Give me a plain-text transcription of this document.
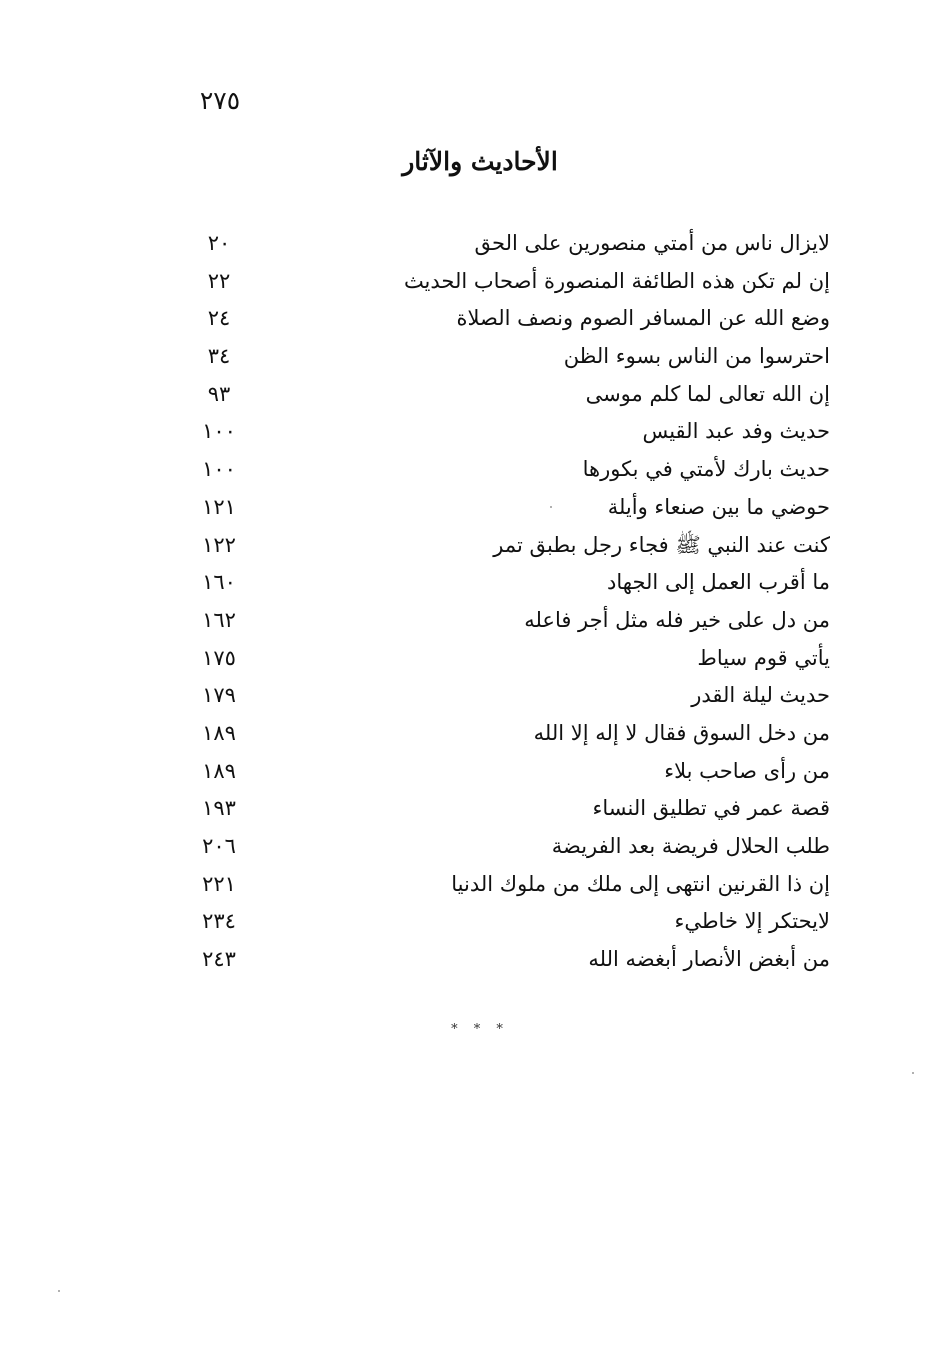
٢٧٥
الأحاديث والآثار
لايزال ناس من أمتي منصورين على الحق
٢٠
إن لم تكن هذه الطائفة المنصورة أصحاب الحديث
٢٢
وضع الله عن المسافر الصوم ونصف الصلاة
٢٤
احترسوا من الناس بسوء الظن
٣٤
إن الله تعالى لما كلم موسى
٩٣
حديث وفد عبد القيس
١٠٠
حديث بارك لأمتي في بكورها
١٠٠
حوضي ما بين صنعاء وأيلة
١٢١
كنت عند النبي ﷺ فجاء رجل بطبق تمر
١٢٢
ما أقرب العمل إلى الجهاد
١٦٠
من دل على خير فله مثل أجر فاعله
١٦٢
يأتي قوم سياط
١٧٥
حديث ليلة القدر
١٧٩
من دخل السوق فقال لا إله إلا الله
١٨٩
من رأى صاحب بلاء
١٨٩
قصة عمر في تطليق النساء
١٩٣
طلب الحلال فريضة بعد الفريضة
٢٠٦
إن ذا القرنين انتهى إلى ملك من ملوك الدنيا
٢٢١
لايحتكر إلا خاطيء
٢٣٤
من أبغض الأنصار أبغضه الله
٢٤٣
* * *
